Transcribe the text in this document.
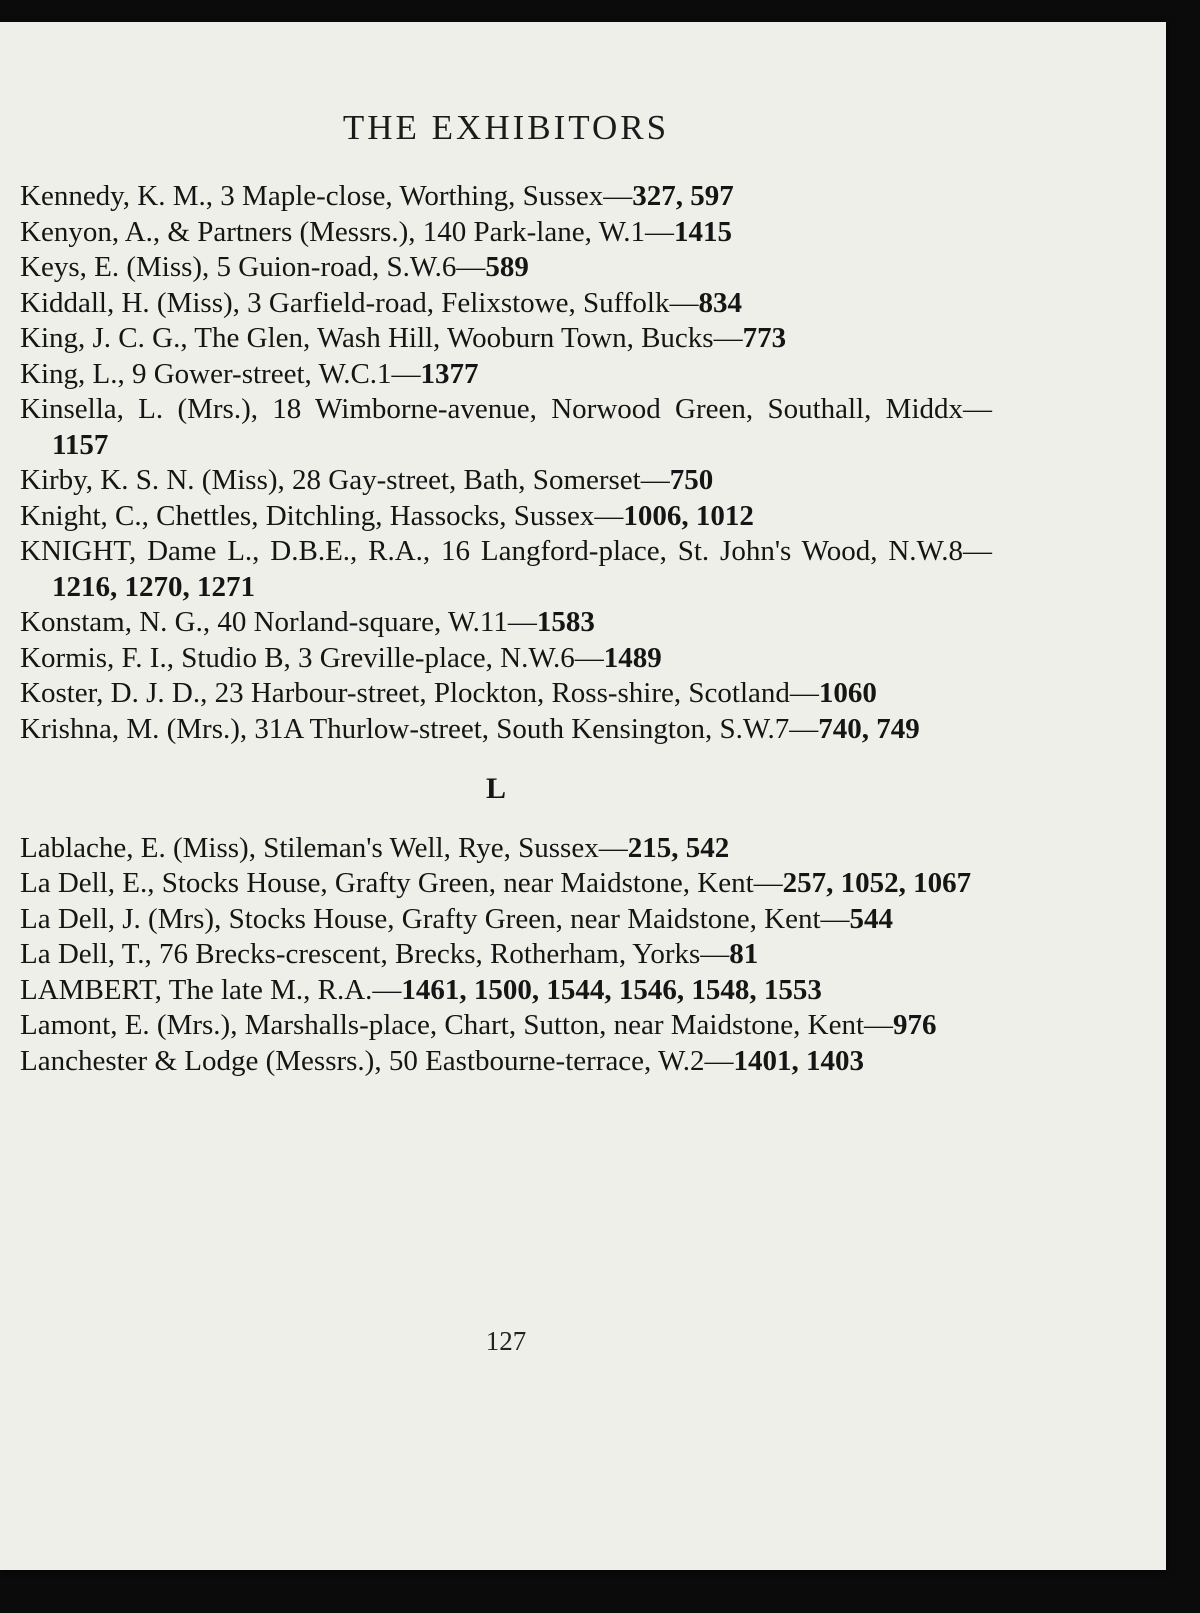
THE EXHIBITORS

Kennedy, K. M., 3 Maple-close, Worthing, Sussex—327, 597

Kenyon, A., & Partners (Messrs.), 140 Park-lane, W.1—1415

Keys, E. (Miss), 5 Guion-road, S.W.6—589

Kiddall, H. (Miss), 3 Garfield-road, Felixstowe, Suffolk—834

King, J. C. G., The Glen, Wash Hill, Wooburn Town, Bucks—773

King, L., 9 Gower-street, W.C.1—1377

Kinsella, L. (Mrs.), 18 Wimborne-avenue, Norwood Green, Southall, Middx—1157

Kirby, K. S. N. (Miss), 28 Gay-street, Bath, Somerset—750

Knight, C., Chettles, Ditchling, Hassocks, Sussex—1006, 1012

KNIGHT, Dame L., D.B.E., R.A., 16 Langford-place, St. John's Wood, N.W.8—1216, 1270, 1271

Konstam, N. G., 40 Norland-square, W.11—1583

Kormis, F. I., Studio B, 3 Greville-place, N.W.6—1489

Koster, D. J. D., 23 Harbour-street, Plockton, Ross-shire, Scotland—1060

Krishna, M. (Mrs.), 31A Thurlow-street, South Kensington, S.W.7—740, 749

L

Lablache, E. (Miss), Stileman's Well, Rye, Sussex—215, 542

La Dell, E., Stocks House, Grafty Green, near Maidstone, Kent—257, 1052, 1067

La Dell, J. (Mrs), Stocks House, Grafty Green, near Maidstone, Kent—544

La Dell, T., 76 Brecks-crescent, Brecks, Rotherham, Yorks—81

LAMBERT, The late M., R.A.—1461, 1500, 1544, 1546, 1548, 1553

Lamont, E. (Mrs.), Marshalls-place, Chart, Sutton, near Maidstone, Kent—976

Lanchester & Lodge (Messrs.), 50 Eastbourne-terrace, W.2—1401, 1403

127
